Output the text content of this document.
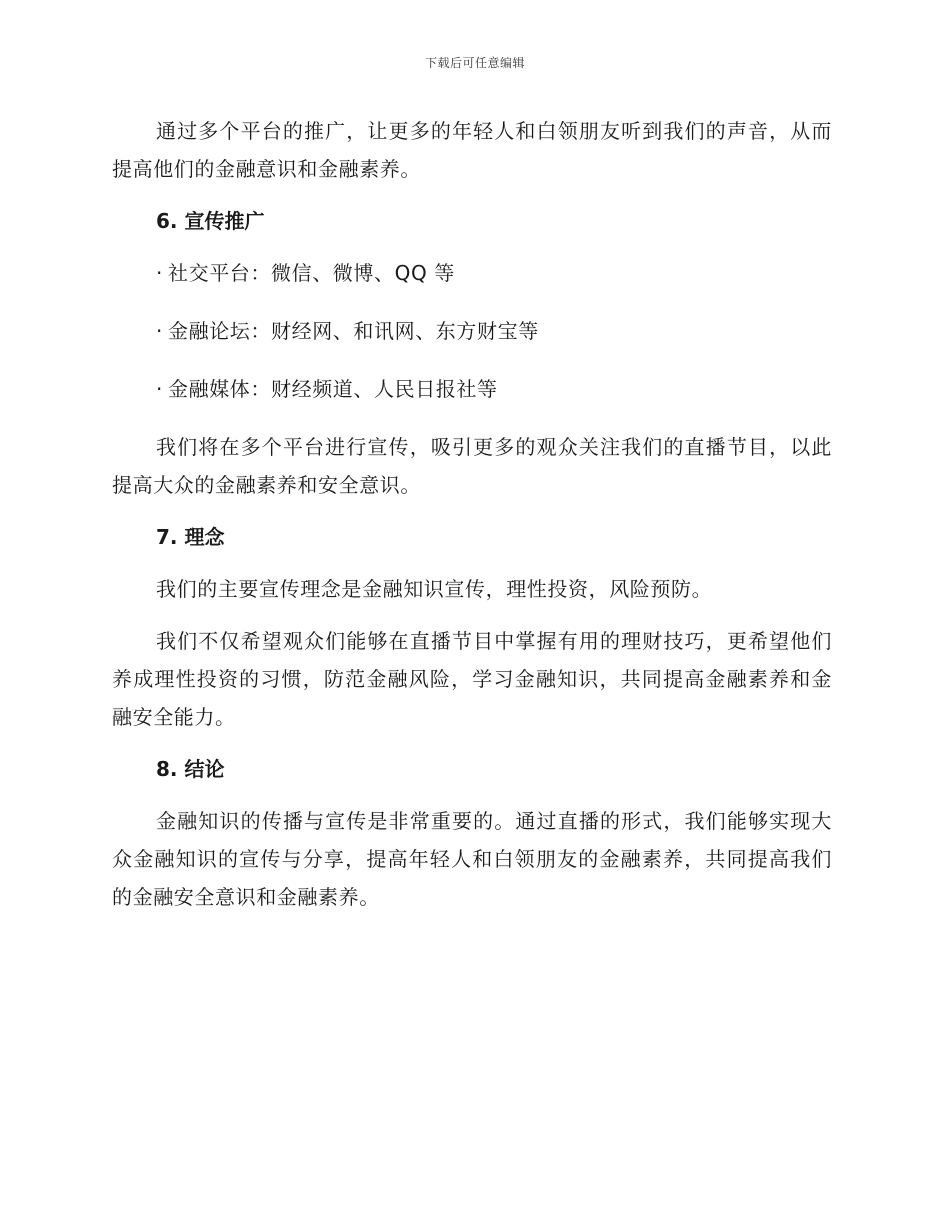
下载后可任意编辑

通过多个平台的推广，让更多的年轻人和白领朋友听到我们的声音，从而提高他们的金融意识和金融素养。

6. 宣传推广
· 社交平台：微信、微博、QQ 等
· 金融论坛：财经网、和讯网、东方财宝等
· 金融媒体：财经频道、人民日报社等

我们将在多个平台进行宣传，吸引更多的观众关注我们的直播节目，以此提高大众的金融素养和安全意识。

7. 理念

我们的主要宣传理念是金融知识宣传，理性投资，风险预防。

我们不仅希望观众们能够在直播节目中掌握有用的理财技巧，更希望他们养成理性投资的习惯，防范金融风险，学习金融知识，共同提高金融素养和金融安全能力。

8. 结论

金融知识的传播与宣传是非常重要的。通过直播的形式，我们能够实现大众金融知识的宣传与分享，提高年轻人和白领朋友的金融素养，共同提高我们的金融安全意识和金融素养。
